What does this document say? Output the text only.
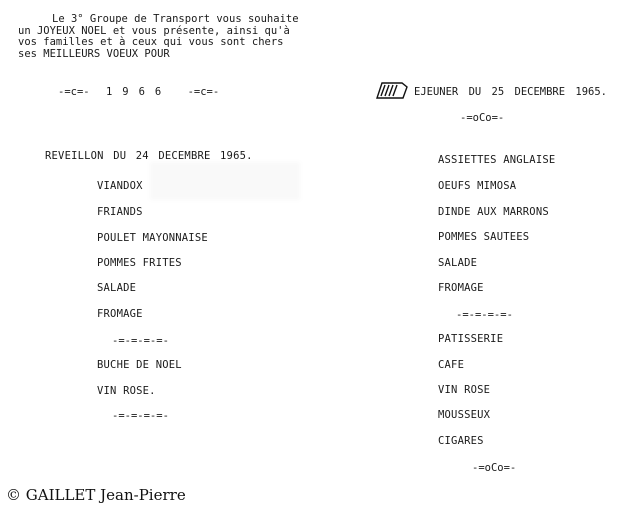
Le 3° Groupe de Transport vous souhaite
un JOYEUX NOEL et vous présente, ainsi qu'à
vos familles et à ceux qui vous sont chers
ses MEILLEURS VOEUX POUR
-=c=- 1966 -=c=-	EJEUNER DU 25 DECEMBRE 1965.
-=oCo=-
REVEILLON DU 24 DECEMBRE 1965.
VIANDOX
FRIANDS
POULET MAYONNAISE
POMMES FRITES
SALADE
FROMAGE
-=-=-=-=-
BUCHE DE NOEL
VIN ROSE.
-=-=-=-=-
ASSIETTES ANGLAISE
OEUFS MIMOSA
DINDE AUX MARRONS
POMMES SAUTEES
SALADE
FROMAGE
-=-=-=-=-
PATISSERIE
CAFE
VIN ROSE
MOUSSEUX
CIGARES
-=oCo=-
© GAILLET Jean-Pierre
